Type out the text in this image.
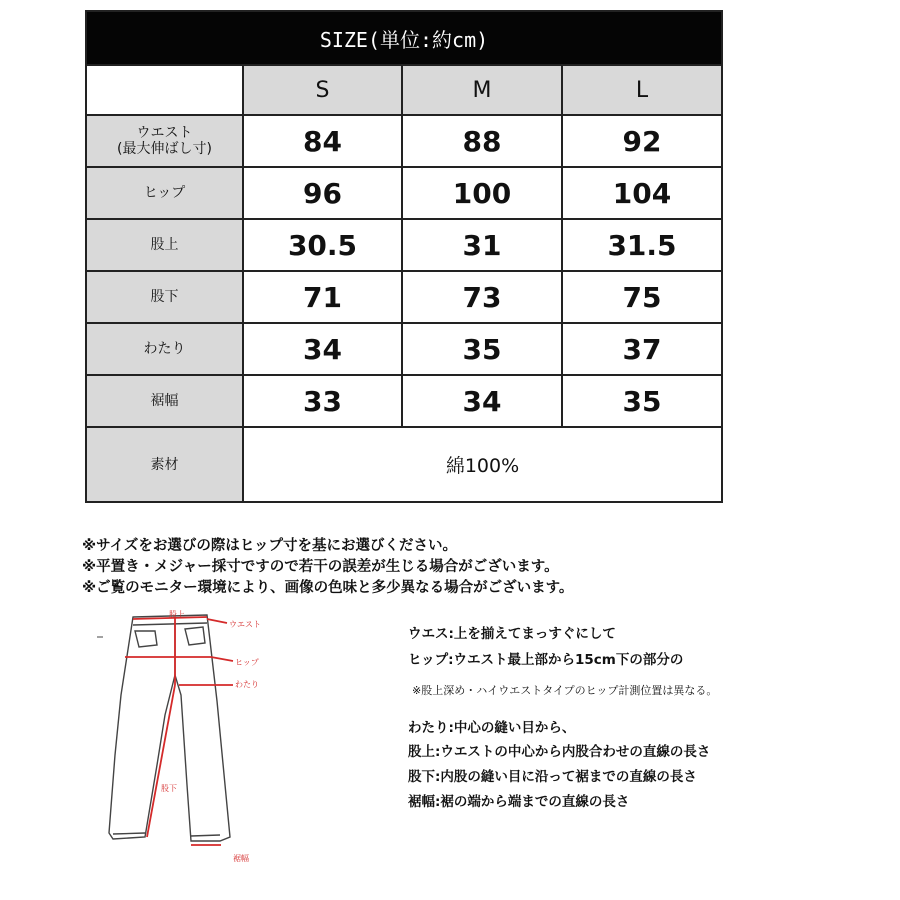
SIZE(単位:約cm)			
	S	M	L

ウエスト
(最大伸ばし寸)	84	88	92
ヒップ	96	100	104
股上	30.5	31	31.5
股下	71	73	75
わたり	34	35	37
裾幅	33	34	35
素材	綿100%		
※サイズをお選びの際はヒップ寸を基にお選びください。
※平置き・メジャー採寸ですので若干の誤差が生じる場合がございます。
※ご覧のモニター環境により、画像の色味と多少異なる場合がございます。
股上
ウエスト
ヒップ
わたり
股下
裾幅
ウエス:上を揃えてまっすぐにして
ヒップ:ウエスト最上部から15cm下の部分の
※股上深め・ハイウエストタイプのヒップ計測位置は異なる。
わたり:中心の縫い目から、
股上:ウエストの中心から内股合わせの直線の長さ
股下:内股の縫い目に沿って裾までの直線の長さ
裾幅:裾の端から端までの直線の長さ
